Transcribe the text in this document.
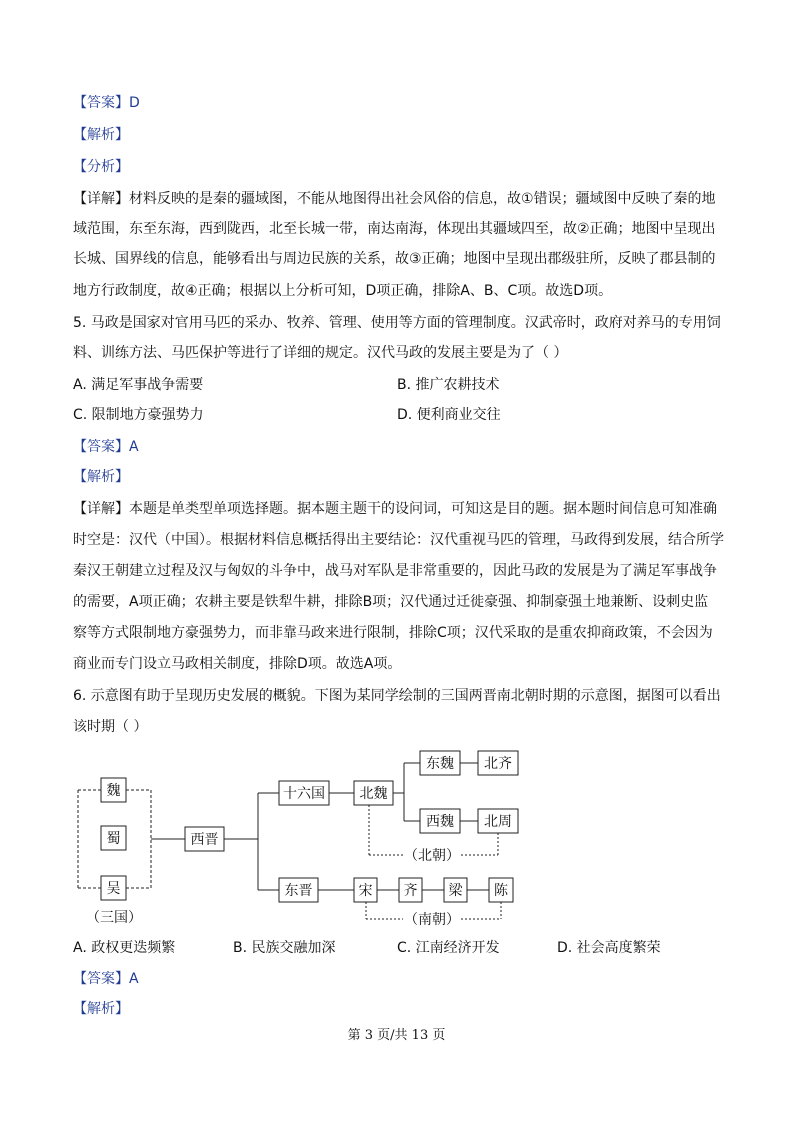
【答案】D
【解析】
【分析】
【详解】材料反映的是秦的疆域图，不能从地图得出社会风俗的信息，故①错误；疆域图中反映了秦的地
域范围，东至东海，西到陇西，北至长城一带，南达南海，体现出其疆域四至，故②正确；地图中呈现出
长城、国界线的信息，能够看出与周边民族的关系，故③正确；地图中呈现出郡级驻所，反映了郡县制的
地方行政制度，故④正确；根据以上分析可知，D项正确，排除A、B、C项。故选D项。
5. 马政是国家对官用马匹的采办、牧养、管理、使用等方面的管理制度。汉武帝时，政府对养马的专用饲
料、训练方法、马匹保护等进行了详细的规定。汉代马政的发展主要是为了（ ）
A. 满足军事战争需要	B. 推广农耕技术
C. 限制地方豪强势力	D. 便利商业交往
【答案】A
【解析】
【详解】本题是单类型单项选择题。据本题主题干的设问词，可知这是目的题。据本题时间信息可知准确
时空是：汉代（中国）。根据材料信息概括得出主要结论：汉代重视马匹的管理，马政得到发展，结合所学
秦汉王朝建立过程及汉与匈奴的斗争中，战马对军队是非常重要的，因此马政的发展是为了满足军事战争
的需要，A项正确；农耕主要是铁犁牛耕，排除B项；汉代通过迁徙豪强、抑制豪强土地兼断、设刺史监
察等方式限制地方豪强势力，而非靠马政来进行限制，排除C项；汉代采取的是重农抑商政策，不会因为
商业而专门设立马政相关制度，排除D项。故选A项。
6. 示意图有助于呈现历史发展的概貌。下图为某同学绘制的三国两晋南北朝时期的示意图，据图可以看出
该时期（ ）
魏
蜀
吴
（三国）
西晋
十六国 北魏
东魏 北齐
西魏 北周
（北朝）
东晋	宋 齐 梁 陈
（南朝）
A. 政权更迭频繁	B. 民族交融加深	C. 江南经济开发	D. 社会高度繁荣
【答案】A
【解析】
第 3 页/共 13 页
